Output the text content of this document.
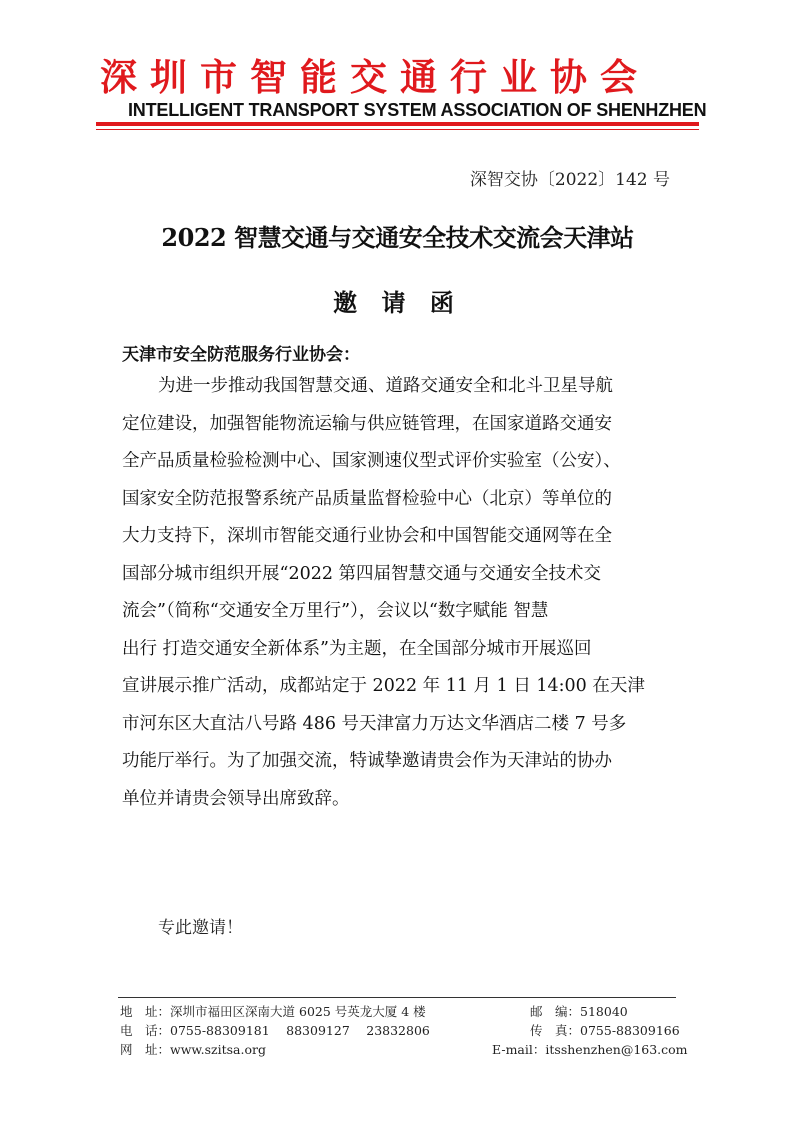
深圳市智能交通行业协会
INTELLIGENT TRANSPORT SYSTEM ASSOCIATION OF SHENHZHEN
深智交协〔2022〕142 号
2022 智慧交通与交通安全技术交流会天津站
邀 请 函
天津市安全防范服务行业协会：
为进一步推动我国智慧交通、道路交通安全和北斗卫星导航
定位建设，加强智能物流运输与供应链管理，在国家道路交通安
全产品质量检验检测中心、国家测速仪型式评价实验室（公安）、
国家安全防范报警系统产品质量监督检验中心（北京）等单位的
大力支持下，深圳市智能交通行业协会和中国智能交通网等在全
国部分城市组织开展“2022 第四届智慧交通与交通安全技术交
流会”（简称“交通安全万里行”），会议以“数字赋能 智慧
出行 打造交通安全新体系”为主题，在全国部分城市开展巡回
宣讲展示推广活动，成都站定于 2022 年 11 月 1 日 14:00 在天津
市河东区大直沽八号路 486 号天津富力万达文华酒店二楼 7 号多
功能厅举行。为了加强交流，特诚挚邀请贵会作为天津站的协办
单位并请贵会领导出席致辞。
专此邀请！
地　址：深圳市福田区深南大道 6025 号英龙大厦 4 楼	邮　编：518040
电　话：0755-88309181　 88309127　 23832806	传　真：0755-88309166
网　址：www.szitsa.org	E-mail：itsshenzhen@163.com
